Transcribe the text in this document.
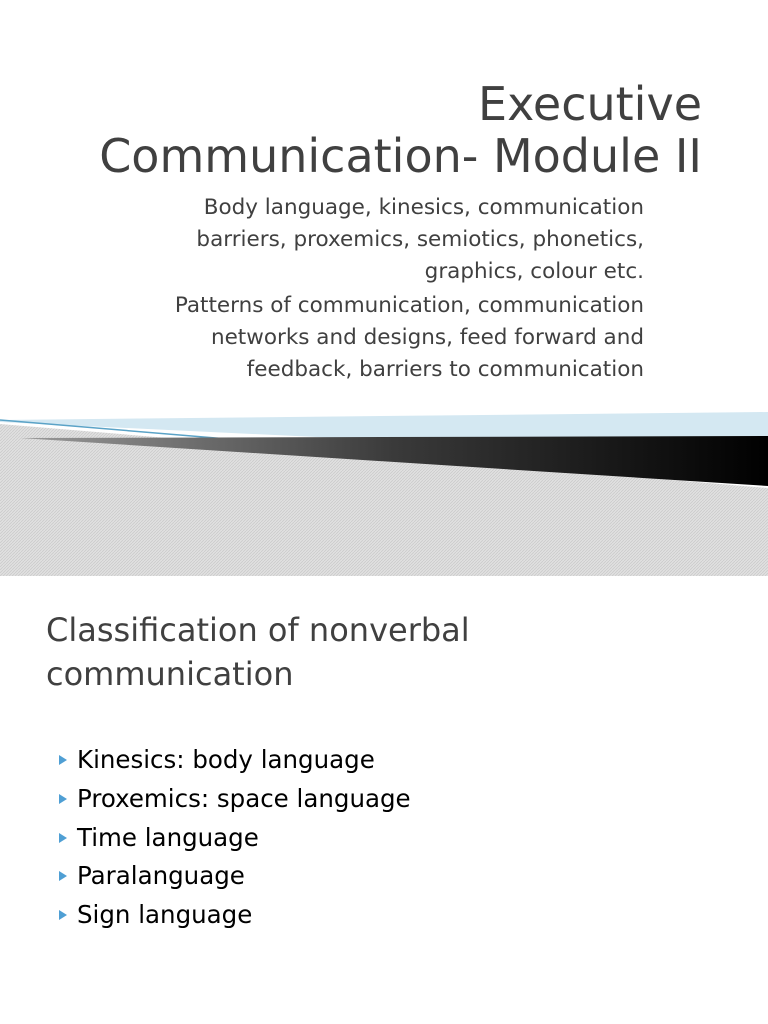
Executive
Communication- Module II

Body language, kinesics, communication barriers, proxemics, semiotics, phonetics, graphics, colour etc.

Patterns of communication, communication networks and designs, feed forward and feedback, barriers to communication

Classification of nonverbal communication
Kinesics: body language
Proxemics: space language
Time language
Paralanguage
Sign language
